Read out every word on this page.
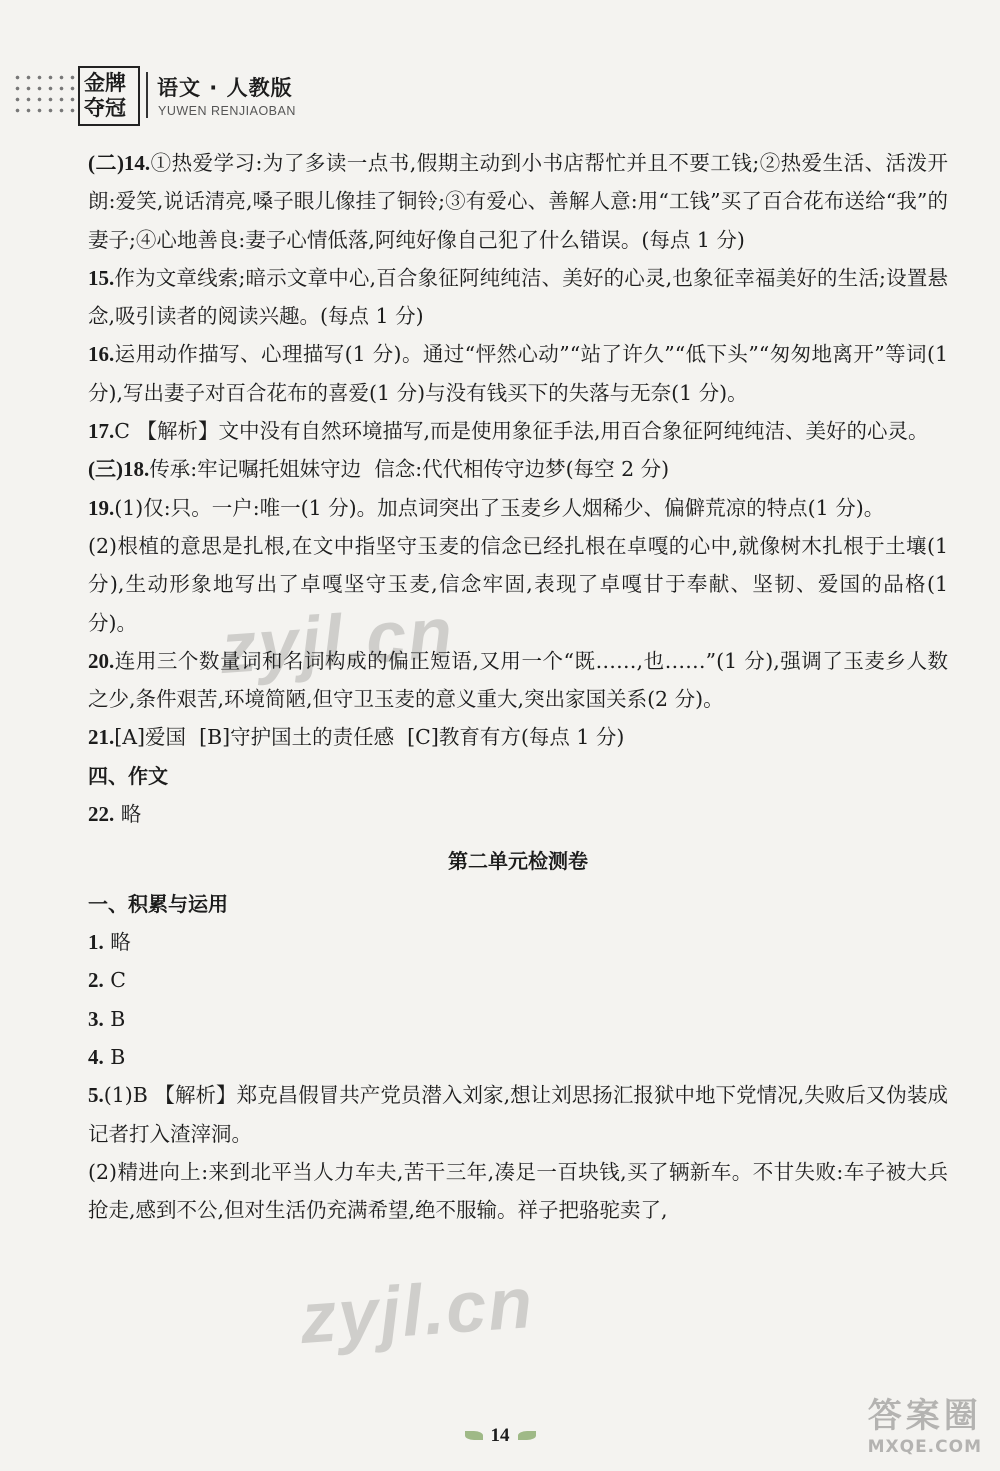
金牌
夺冠
语文 · 人教版
YUWEN RENJIAOBAN

(二)14.①热爱学习:为了多读一点书,假期主动到小书店帮忙并且不要工钱;②热爱生活、活泼开朗:爱笑,说话清亮,嗓子眼儿像挂了铜铃;③有爱心、善解人意:用“工钱”买了百合花布送给“我”的妻子;④心地善良:妻子心情低落,阿纯好像自己犯了什么错误。(每点 1 分)

15.作为文章线索;暗示文章中心,百合象征阿纯纯洁、美好的心灵,也象征幸福美好的生活;设置悬念,吸引读者的阅读兴趣。(每点 1 分)

16.运用动作描写、心理描写(1 分)。通过“怦然心动”“站了许久”“低下头”“匆匆地离开”等词(1 分),写出妻子对百合花布的喜爱(1 分)与没有钱买下的失落与无奈(1 分)。

17.C 【解析】文中没有自然环境描写,而是使用象征手法,用百合象征阿纯纯洁、美好的心灵。

(三)18.传承:牢记嘱托姐妹守边  信念:代代相传守边梦(每空 2 分)

19.(1)仅:只。一户:唯一(1 分)。加点词突出了玉麦乡人烟稀少、偏僻荒凉的特点(1 分)。

(2)根植的意思是扎根,在文中指坚守玉麦的信念已经扎根在卓嘎的心中,就像树木扎根于土壤(1 分),生动形象地写出了卓嘎坚守玉麦,信念牢固,表现了卓嘎甘于奉献、坚韧、爱国的品格(1 分)。

20.连用三个数量词和名词构成的偏正短语,又用一个“既……,也……”(1 分),强调了玉麦乡人数之少,条件艰苦,环境简陋,但守卫玉麦的意义重大,突出家国关系(2 分)。

21.[A]爱国  [B]守护国土的责任感  [C]教育有方(每点 1 分)

四、作文

22. 略

第二单元检测卷

一、积累与运用

1. 略

2. C

3. B

4. B

5.(1)B 【解析】郑克昌假冒共产党员潜入刘家,想让刘思扬汇报狱中地下党情况,失败后又伪装成记者打入渣滓洞。

(2)精进向上:来到北平当人力车夫,苦干三年,凑足一百块钱,买了辆新车。不甘失败:车子被大兵抢走,感到不公,但对生活仍充满希望,绝不服输。祥子把骆驼卖了,

zyjl.cn
zyjl.cn
14	答案圈
MXQE.COM
